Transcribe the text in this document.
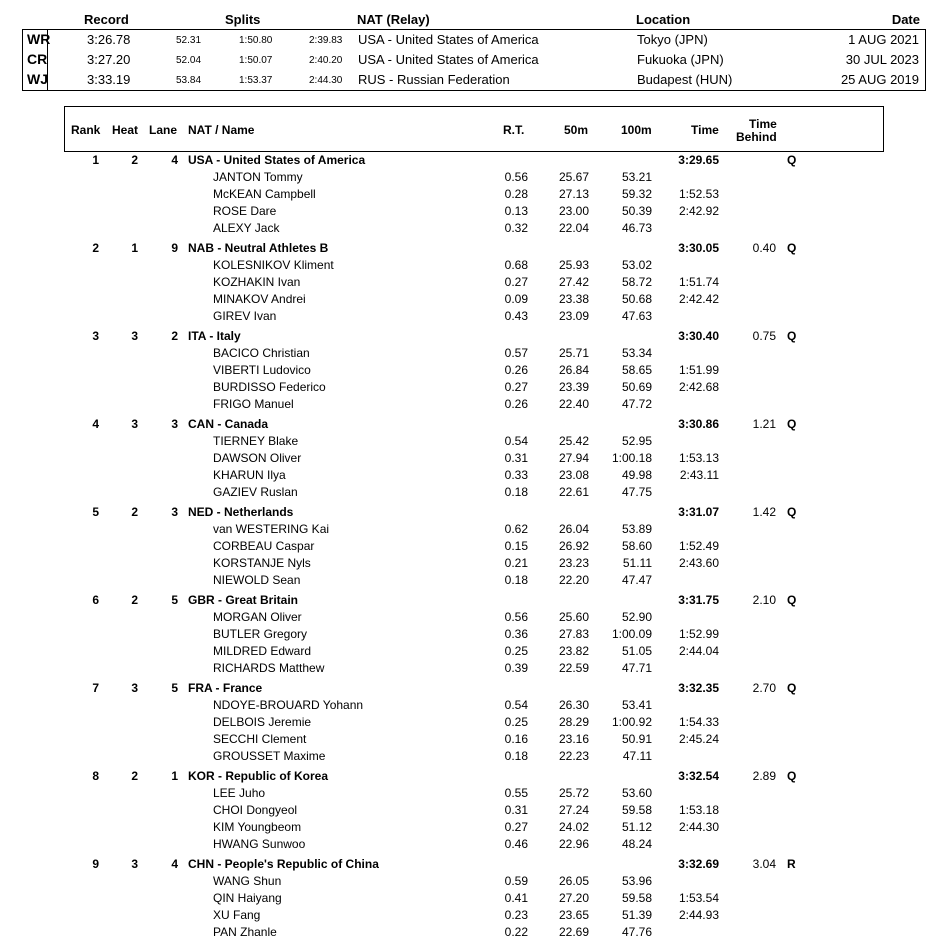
Record	Splits	NAT (Relay)	Location	Date
WR	3:26.78	52.31	1:50.80	2:39.83 USA - United States of America	Tokyo (JPN)	1 AUG 2021
CR	3:27.20	52.04	1:50.07	2:40.20 USA - United States of America	Fukuoka (JPN)	30 JUL 2023
WJ	3:33.19	53.84	1:53.37	2:44.30 RUS - Russian Federation	Budapest (HUN)	25 AUG 2019
Rank Heat Lane NAT / Name	R.T.	50m	100m	Time	Time
Behind
1	2	4 USA - United States of America	3:29.65	Q
JANTON Tommy	0.56	25.67	53.21
McKEAN Campbell	0.28	27.13	59.32 1:52.53
ROSE Dare	0.13	23.00	50.39 2:42.92
ALEXY Jack	0.32	22.04	46.73
2	1	9 NAB - Neutral Athletes B	3:30.05	0.40 Q
KOLESNIKOV Kliment	0.68	25.93	53.02
KOZHAKIN Ivan	0.27	27.42	58.72 1:51.74
MINAKOV Andrei	0.09	23.38	50.68 2:42.42
GIREV Ivan	0.43	23.09	47.63
3	3	2 ITA - Italy	3:30.40	0.75 Q
BACICO Christian	0.57	25.71	53.34
VIBERTI Ludovico	0.26	26.84	58.65 1:51.99
BURDISSO Federico	0.27	23.39	50.69 2:42.68
FRIGO Manuel	0.26	22.40	47.72
4	3	3 CAN - Canada	3:30.86	1.21 Q
TIERNEY Blake	0.54	25.42	52.95
DAWSON Oliver	0.31	27.94 1:00.18 1:53.13
KHARUN Ilya	0.33	23.08	49.98 2:43.11
GAZIEV Ruslan	0.18	22.61	47.75
5	2	3 NED - Netherlands	3:31.07	1.42 Q
van WESTERING Kai	0.62	26.04	53.89
CORBEAU Caspar	0.15	26.92	58.60 1:52.49
KORSTANJE Nyls	0.21	23.23	51.11 2:43.60
NIEWOLD Sean	0.18	22.20	47.47
6	2	5 GBR - Great Britain	3:31.75	2.10 Q
MORGAN Oliver	0.56	25.60	52.90
BUTLER Gregory	0.36	27.83 1:00.09 1:52.99
MILDRED Edward	0.25	23.82	51.05 2:44.04
RICHARDS Matthew	0.39	22.59	47.71
7	3	5 FRA - France	3:32.35	2.70 Q
NDOYE-BROUARD Yohann	0.54	26.30	53.41
DELBOIS Jeremie	0.25	28.29 1:00.92 1:54.33
SECCHI Clement	0.16	23.16	50.91 2:45.24
GROUSSET Maxime	0.18	22.23	47.11
8	2	1 KOR - Republic of Korea	3:32.54	2.89 Q
LEE Juho	0.55	25.72	53.60
CHOI Dongyeol	0.31	27.24	59.58 1:53.18
KIM Youngbeom	0.27	24.02	51.12 2:44.30
HWANG Sunwoo	0.46	22.96	48.24
9	3	4 CHN - People's Republic of China	3:32.69	3.04 R
WANG Shun	0.59	26.05	53.96
QIN Haiyang	0.41	27.20	59.58 1:53.54
XU Fang	0.23	23.65	51.39 2:44.93
PAN Zhanle	0.22	22.69	47.76
